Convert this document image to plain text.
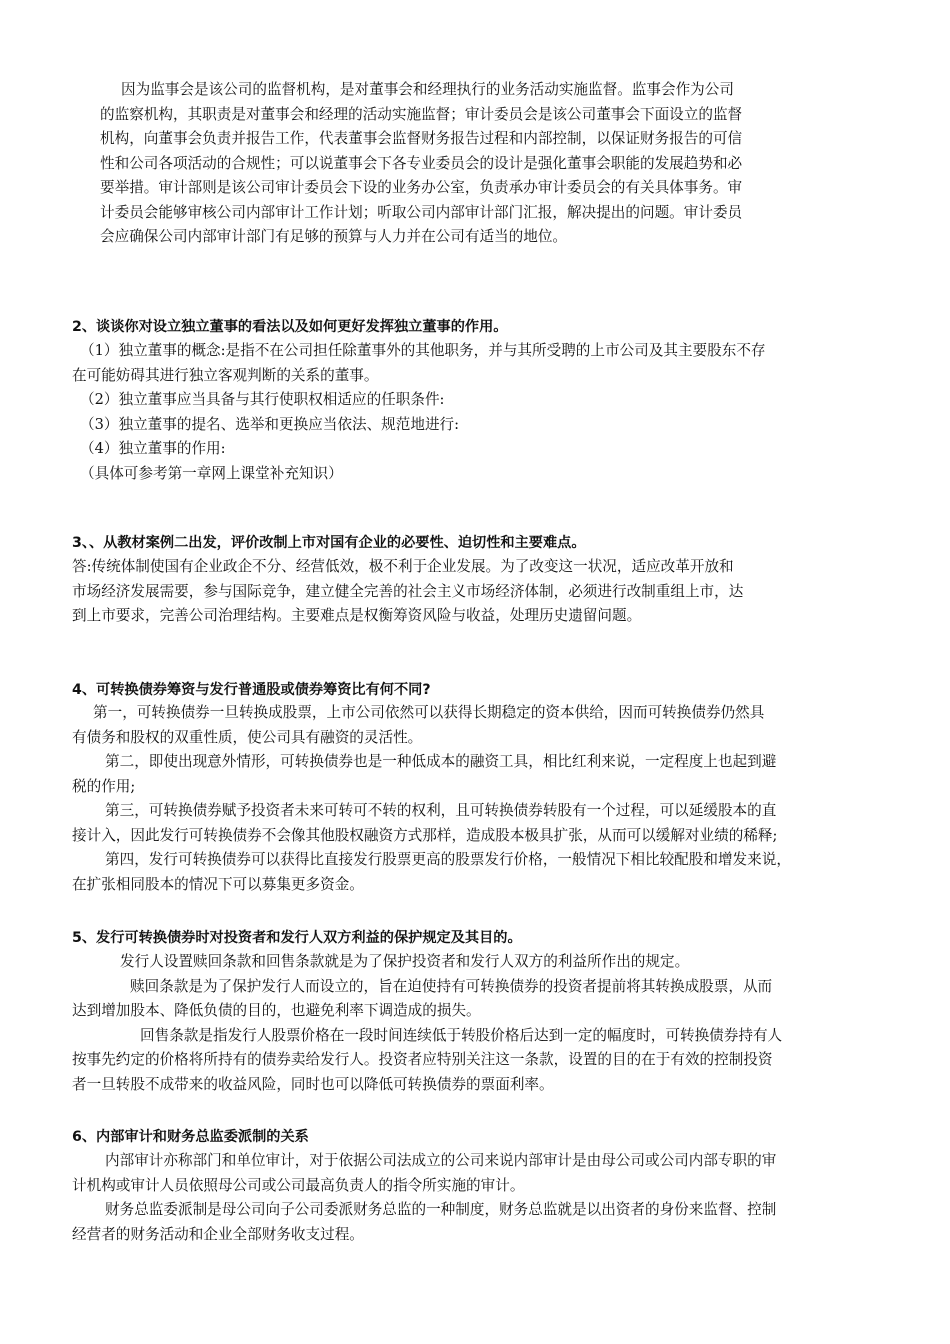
因为监事会是该公司的监督机构，是对董事会和经理执行的业务活动实施监督。监事会作为公司
的监察机构，其职责是对董事会和经理的活动实施监督；审计委员会是该公司董事会下面设立的监督
机构，向董事会负责并报告工作，代表董事会监督财务报告过程和内部控制，以保证财务报告的可信
性和公司各项活动的合规性；可以说董事会下各专业委员会的设计是强化董事会职能的发展趋势和必
要举措。审计部则是该公司审计委员会下设的业务办公室，负责承办审计委员会的有关具体事务。审
计委员会能够审核公司内部审计工作计划；听取公司内部审计部门汇报，解决提出的问题。审计委员
会应确保公司内部审计部门有足够的预算与人力并在公司有适当的地位。
2、谈谈你对设立独立董事的看法以及如何更好发挥独立董事的作用。
（1）独立董事的概念:是指不在公司担任除董事外的其他职务，并与其所受聘的上市公司及其主要股东不存
在可能妨碍其进行独立客观判断的关系的董事。
（2）独立董事应当具备与其行使职权相适应的任职条件:
（3）独立董事的提名、选举和更换应当依法、规范地进行:
（4）独立董事的作用:
（具体可参考第一章网上课堂补充知识）
3、、从教材案例二出发，评价改制上市对国有企业的必要性、迫切性和主要难点。
答:传统体制使国有企业政企不分、经营低效，极不利于企业发展。为了改变这一状况，适应改革开放和
市场经济发展需要，参与国际竞争，建立健全完善的社会主义市场经济体制，必须进行改制重组上市，达
到上市要求，完善公司治理结构。主要难点是权衡筹资风险与收益，处理历史遗留问题。
4、可转换债券筹资与发行普通股或债券筹资比有何不同?
第一，可转换债券一旦转换成股票，上市公司依然可以获得长期稳定的资本供给，因而可转换债券仍然具
有债务和股权的双重性质，使公司具有融资的灵活性。
第二，即使出现意外情形，可转换债券也是一种低成本的融资工具，相比红利来说，一定程度上也起到避
税的作用;
第三，可转换债券赋予投资者未来可转可不转的权利，且可转换债券转股有一个过程，可以延缓股本的直
接计入，因此发行可转换债券不会像其他股权融资方式那样，造成股本极具扩张，从而可以缓解对业绩的稀释;
第四，发行可转换债券可以获得比直接发行股票更高的股票发行价格，一般情况下相比较配股和增发来说，
在扩张相同股本的情况下可以募集更多资金。
5、发行可转换债券时对投资者和发行人双方利益的保护规定及其目的。
发行人设置赎回条款和回售条款就是为了保护投资者和发行人双方的利益所作出的规定。
赎回条款是为了保护发行人而设立的，旨在迫使持有可转换债券的投资者提前将其转换成股票，从而
达到增加股本、降低负债的目的，也避免利率下调造成的损失。
回售条款是指发行人股票价格在一段时间连续低于转股价格后达到一定的幅度时，可转换债券持有人
按事先约定的价格将所持有的债券卖给发行人。投资者应特别关注这一条款，设置的目的在于有效的控制投资
者一旦转股不成带来的收益风险，同时也可以降低可转换债券的票面利率。
6、内部审计和财务总监委派制的关系
内部审计亦称部门和单位审计，对于依据公司法成立的公司来说内部审计是由母公司或公司内部专职的审
计机构或审计人员依照母公司或公司最高负责人的指令所实施的审计。
财务总监委派制是母公司向子公司委派财务总监的一种制度，财务总监就是以出资者的身份来监督、控制
经营者的财务活动和企业全部财务收支过程。
